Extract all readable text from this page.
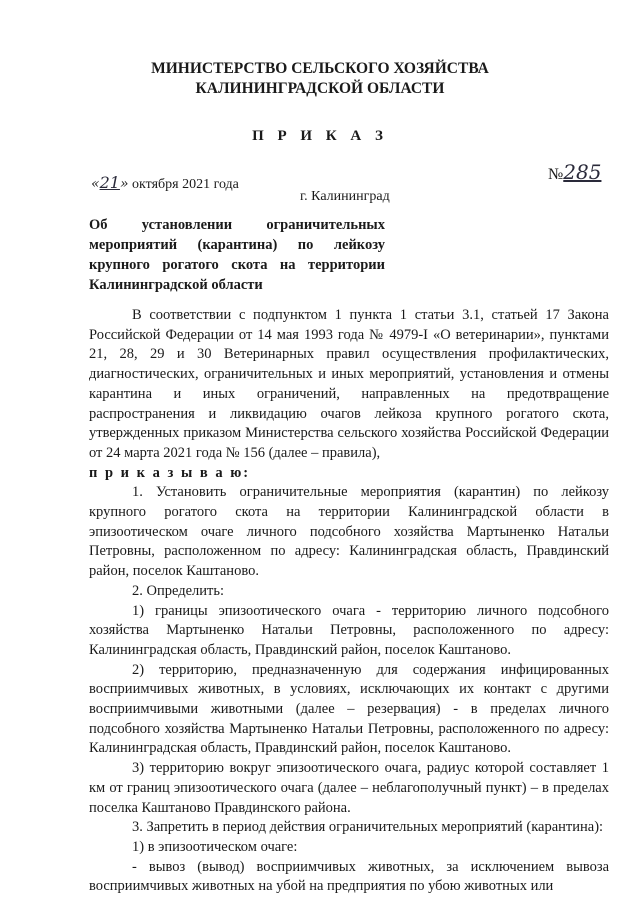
МИНИСТЕРСТВО СЕЛЬСКОГО ХОЗЯЙСТВА
КАЛИНИНГРАДСКОЙ ОБЛАСТИ
П Р И К А З
«21» октября 2021 года
№285
г. Калининград
Об установлении ограничительных
мероприятий (карантина) по лейкозу
крупного рогатого скота на территории
Калининградской области
В соответствии с подпунктом 1 пункта 1 статьи 3.1, статьей 17 Закона Российской Федерации от 14 мая 1993 года № 4979-I «О ветеринарии», пунктами 21, 28, 29 и 30 Ветеринарных правил осуществления профилактических, диагностических, ограничительных и иных мероприятий, установления и отмены карантина и иных ограничений, направленных на предотвращение распространения и ликвидацию очагов лейкоза крупного рогатого скота, утвержденных приказом Министерства сельского хозяйства Российской Федерации от 24 марта 2021 года № 156 (далее – правила),
п р и к а з ы в а ю:
1. Установить ограничительные мероприятия (карантин) по лейкозу крупного рогатого скота на территории Калининградской области в эпизоотическом очаге личного подсобного хозяйства Мартыненко Натальи Петровны, расположенном по адресу: Калининградская область, Правдинский район, поселок Каштаново.
2. Определить:
1) границы эпизоотического очага - территорию личного подсобного хозяйства Мартыненко Натальи Петровны, расположенного по адресу: Калининградская область, Правдинский район, поселок Каштаново.
2) территорию, предназначенную для содержания инфицированных восприимчивых животных, в условиях, исключающих их контакт с другими восприимчивыми животными (далее – резервация) - в пределах личного подсобного хозяйства Мартыненко Натальи Петровны, расположенного по адресу: Калининградская область, Правдинский район, поселок Каштаново.
3) территорию вокруг эпизоотического очага, радиус которой составляет 1 км от границ эпизоотического очага (далее – неблагополучный пункт) – в пределах поселка Каштаново Правдинского района.
3. Запретить в период действия ограничительных мероприятий (карантина):
1) в эпизоотическом очаге:
- вывоз (вывод) восприимчивых животных, за исключением вывоза восприимчивых животных на убой на предприятия по убою животных или
